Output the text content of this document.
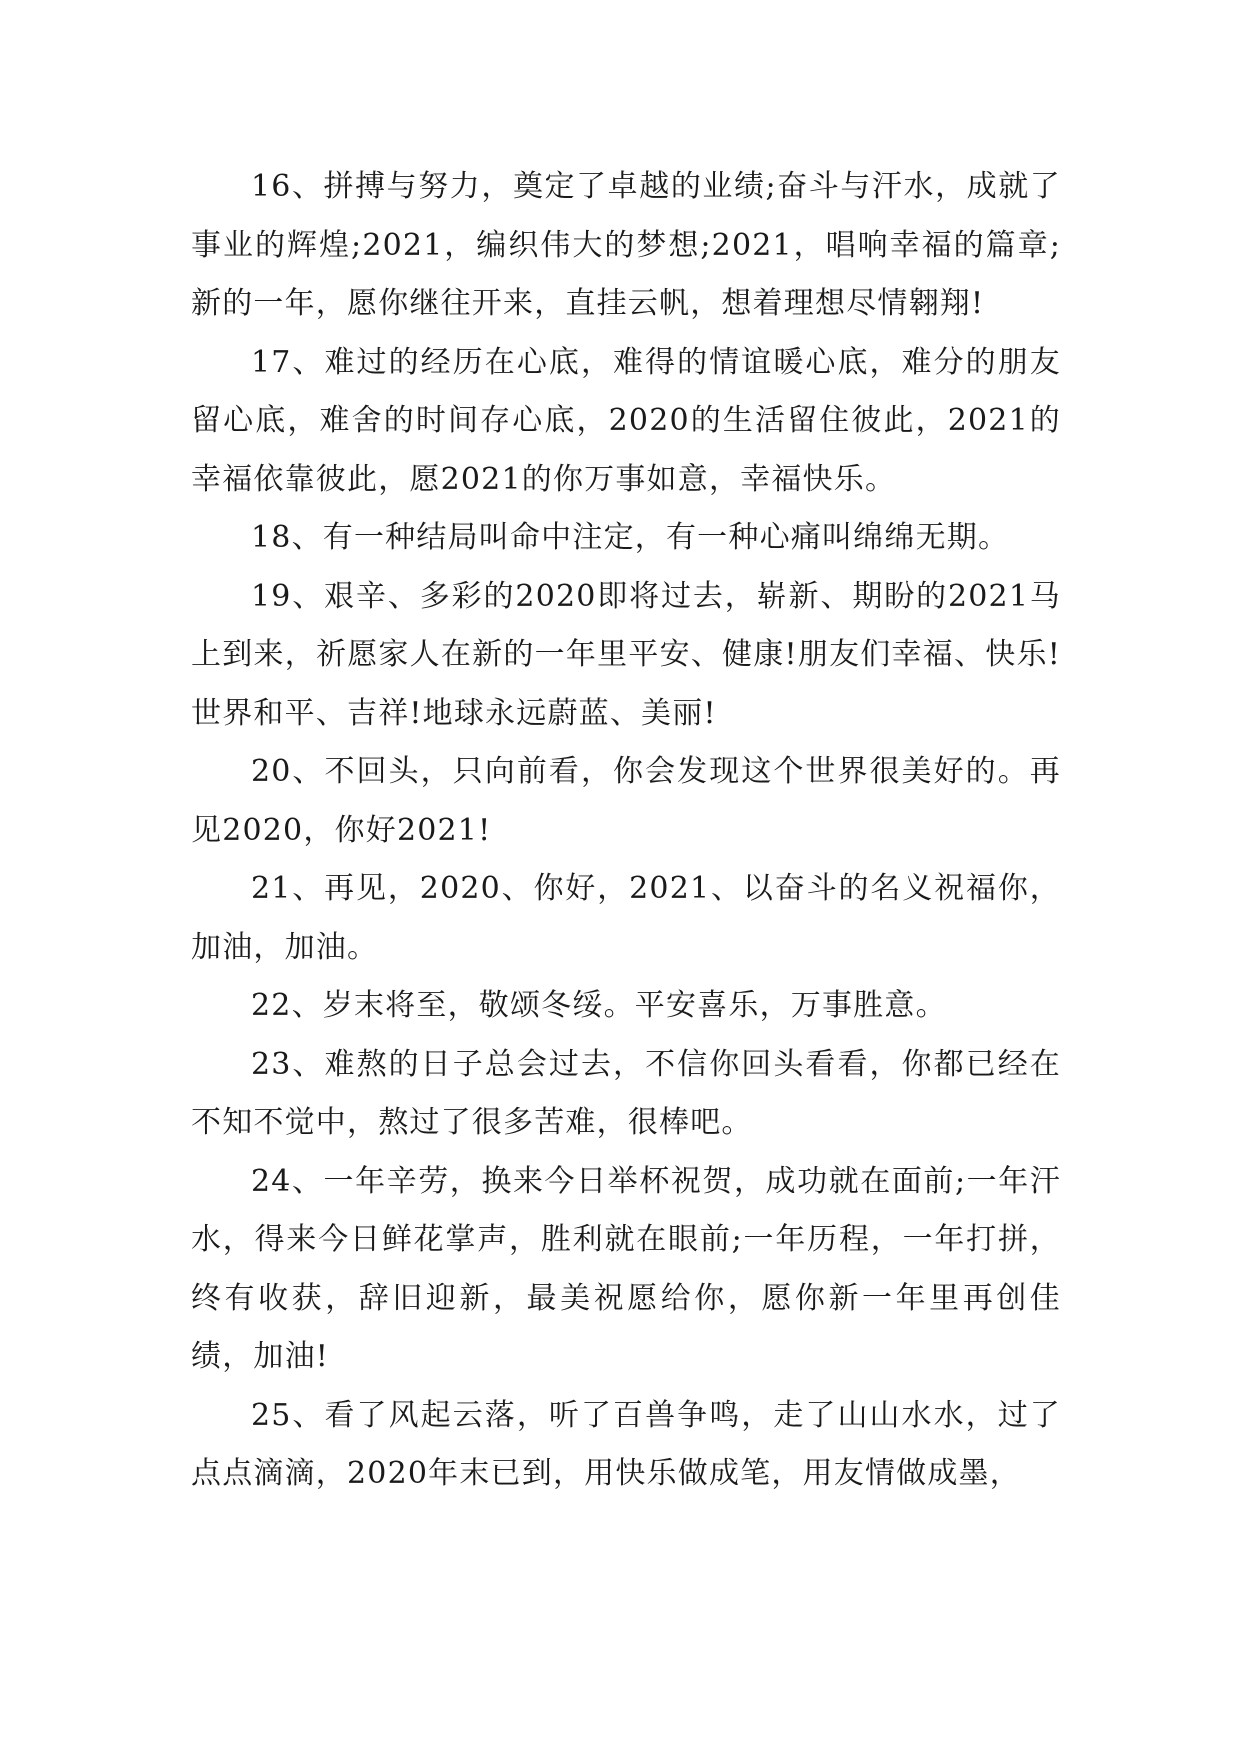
16、拼搏与努力，奠定了卓越的业绩;奋斗与汗水，成就了事业的辉煌;2021，编织伟大的梦想;2021，唱响幸福的篇章;新的一年，愿你继往开来，直挂云帆，想着理想尽情翱翔!

17、难过的经历在心底，难得的情谊暖心底，难分的朋友留心底，难舍的时间存心底，2020的生活留住彼此，2021的幸福依靠彼此，愿2021的你万事如意，幸福快乐。

18、有一种结局叫命中注定，有一种心痛叫绵绵无期。

19、艰辛、多彩的2020即将过去，崭新、期盼的2021马上到来，祈愿家人在新的一年里平安、健康!朋友们幸福、快乐!世界和平、吉祥!地球永远蔚蓝、美丽!

20、不回头，只向前看，你会发现这个世界很美好的。再见2020，你好2021!

21、再见，2020、你好，2021、以奋斗的名义祝福你，加油，加油。

22、岁末将至，敬颂冬绥。平安喜乐，万事胜意。

23、难熬的日子总会过去，不信你回头看看，你都已经在不知不觉中，熬过了很多苦难，很棒吧。

24、一年辛劳，换来今日举杯祝贺，成功就在面前;一年汗水，得来今日鲜花掌声，胜利就在眼前;一年历程，一年打拼，终有收获，辞旧迎新，最美祝愿给你，愿你新一年里再创佳绩，加油!

25、看了风起云落，听了百兽争鸣，走了山山水水，过了点点滴滴，2020年末已到，用快乐做成笔，用友情做成墨，
